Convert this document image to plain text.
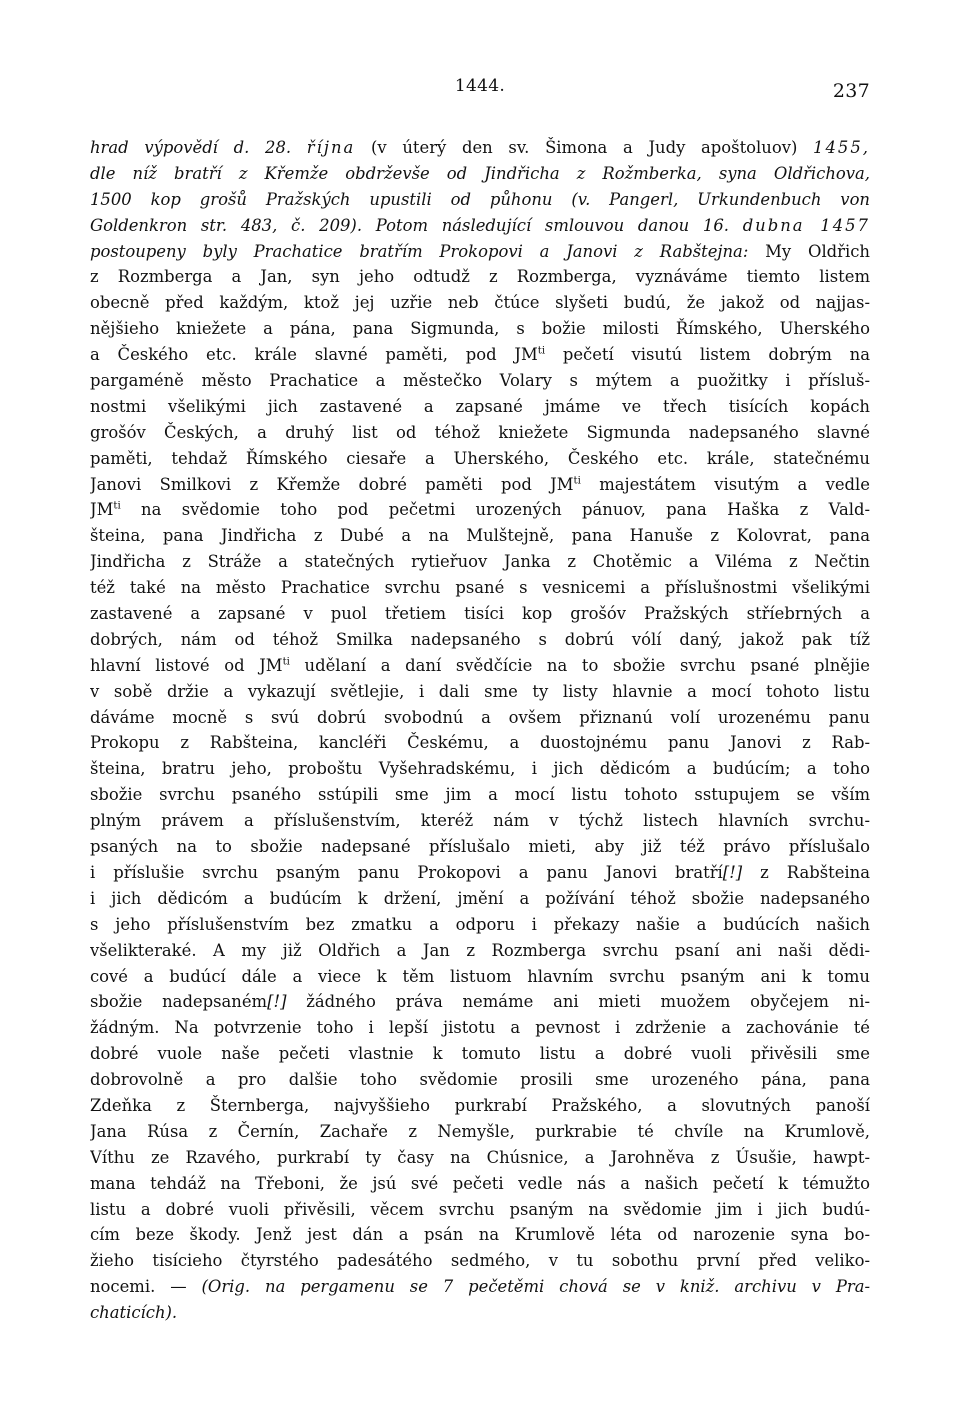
1444.	237
hrad výpovědí d. 28. října (v úterý den sv. Šimona a Judy apoštoluov) 1455,
dle níž bratří z Křemže obdrževše od Jindřicha z Rožmberka, syna Oldřichova,
1500 kop grošů Pražských upustili od půhonu (v. Pangerl, Urkundenbuch von
Goldenkron str. 483, č. 209). Potom následující smlouvou danou 16. dubna 1457
postoupeny byly Prachatice bratřím Prokopovi a Janovi z Rabštejna: My Oldřich
z Rozmberga a Jan, syn jeho odtudž z Rozmberga, vyznáváme tiemto listem
obecně před každým, ktož jej uzřie neb čtúce slyšeti budú, že jakož od najjas-
nějšieho kniežete a pána, pana Sigmunda, s božie milosti Římského, Uherského
a Českého etc. krále slavné paměti, pod $JM^{ti}$ pečetí visutú listem dobrým na
pargaméně město Prachatice a městečko Volary s mýtem a puožitky i přísluš-
nostmi všelikými jich zastavené a zapsané jmáme ve třech tisících kopách
grošóv Českých, a druhý list od téhož kniežete Sigmunda nadepsaného slavné
paměti, tehdaž Římského ciesaře a Uherského, Českého etc. krále, statečnému
Janovi Smilkovi z Křemže dobré paměti pod $JM^{ti}$ majestátem visutým a vedle
$JM^{ti}$ na svědomie toho pod pečetmi urozených pánuov, pana Haška z Vald-
šteina, pana Jindřicha z Dubé a na Mulštejně, pana Hanuše z Kolovrat, pana
Jindřicha z Stráže a statečných rytieřuov Janka z Chotěmic a Viléma z Nečtin
též také na město Prachatice svrchu psané s vesnicemi a příslušnostmi všelikými
zastavené a zapsané v puol třetiem tisíci kop grošóv Pražských stříebrných a
dobrých, nám od téhož Smilka nadepsaného s dobrú vólí daný, jakož pak tíž
hlavní listové od $JM^{ti}$ udělaní a daní svědčície na to sbožie svrchu psané plnějie
v sobě držie a vykazují světlejie, i dali sme ty listy hlavnie a mocí tohoto listu
dáváme mocně s svú dobrú svobodnú a ovšem přiznanú volí urozenému panu
Prokopu z Rabšteina, kancléři Českému, a duostojnému panu Janovi z Rab-
šteina, bratru jeho, proboštu Vyšehradskému, i jich dědicóm a budúcím; a toho
sbožie svrchu psaného sstúpili sme jim a mocí listu tohoto sstupujem se vším
plným právem a příslušenstvím, kteréž nám v týchž listech hlavních svrchu-
psaných na to sbožie nadepsané příslušalo mieti, aby již též právo příslušalo
i příslušie svrchu psaným panu Prokopovi a panu Janovi bratří[!] z Rabšteina
i jich dědicóm a budúcím k držení, jmění a požívání téhož sbožie nadepsaného
s jeho příslušenstvím bez zmatku a odporu i překazy našie a budúcích našich
všelikteraké. A my již Oldřich a Jan z Rozmberga svrchu psaní ani naši dědi-
cové a budúcí dále a viece k těm listuom hlavním svrchu psaným ani k tomu
sbožie nadepsaném[!] žádného práva nemáme ani mieti muožem obyčejem ni-
žádným. Na potvrzenie toho i lepší jistotu a pevnost i zdrženie a zachovánie té
dobré vuole naše pečeti vlastnie k tomuto listu a dobré vuoli přivěsili sme
dobrovolně a pro dalšie toho svědomie prosili sme urozeného pána, pana
Zdeňka z Šternberga, najvyššieho purkrabí Pražského, a slovutných panoší
Jana Rúsa z Černín, Zachaře z Nemyšle, purkrabie té chvíle na Krumlově,
Víthu ze Rzavého, purkrabí ty časy na Chúsnice, a Jarohněva z Úsušie, hawpt-
mana tehdáž na Třeboni, že jsú své pečeti vedle nás a našich pečetí k témužto
listu a dobré vuoli přivěsili, věcem svrchu psaným na svědomie jim i jich budú-
cím beze škody. Jenž jest dán a psán na Krumlově léta od narozenie syna bo-
žieho tisícieho čtyrstého padesátého sedmého, v tu sobothu první před veliko-
nocemi. — (Orig. na pergamenu se 7 pečetěmi chová se v kniž. archivu v Pra-
chaticích).
